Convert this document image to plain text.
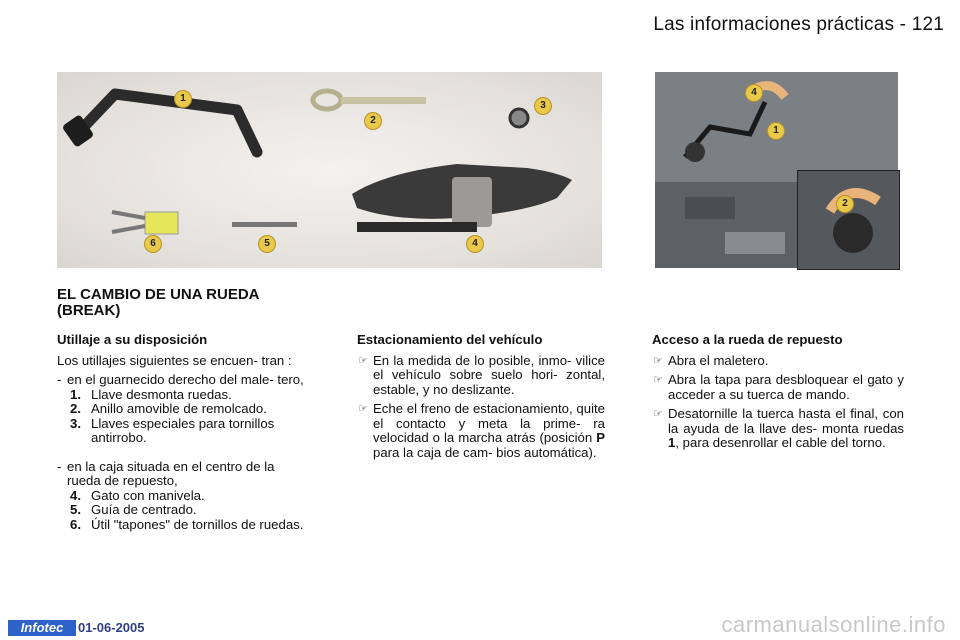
Las informaciones prácticas - 121
1
2
3
4
5
6
1
4
2
EL CAMBIO DE UNA RUEDA
(BREAK)
Utillaje a su disposición
Los utillajes siguientes se encuen- tran :
- en el guarnecido derecho del male- tero,
1. Llave desmonta ruedas.
2. Anillo amovible de remolcado.
3. Llaves especiales para tornillos antirrobo.
- en la caja situada en el centro de la rueda de repuesto,
4. Gato con manivela.
5. Guía de centrado.
6. Útil "tapones" de tornillos de ruedas.
Estacionamiento del vehículo
☞ En la medida de lo posible, inmo- vilice el vehículo sobre suelo hori- zontal, estable, y no deslizante.
☞ Eche el freno de estacionamiento, quite el contacto y meta la prime- ra velocidad o la marcha atrás (posición P para la caja de cam- bios automática).
Acceso a la rueda de repuesto
☞ Abra el maletero.
☞ Abra la tapa para desbloquear el gato y acceder a su tuerca de mando.
☞ Desatornille la tuerca hasta el final, con la ayuda de la llave des- monta ruedas 1, para desenrollar el cable del torno.
Infotec	01-06-2005	carmanualsonline.info
